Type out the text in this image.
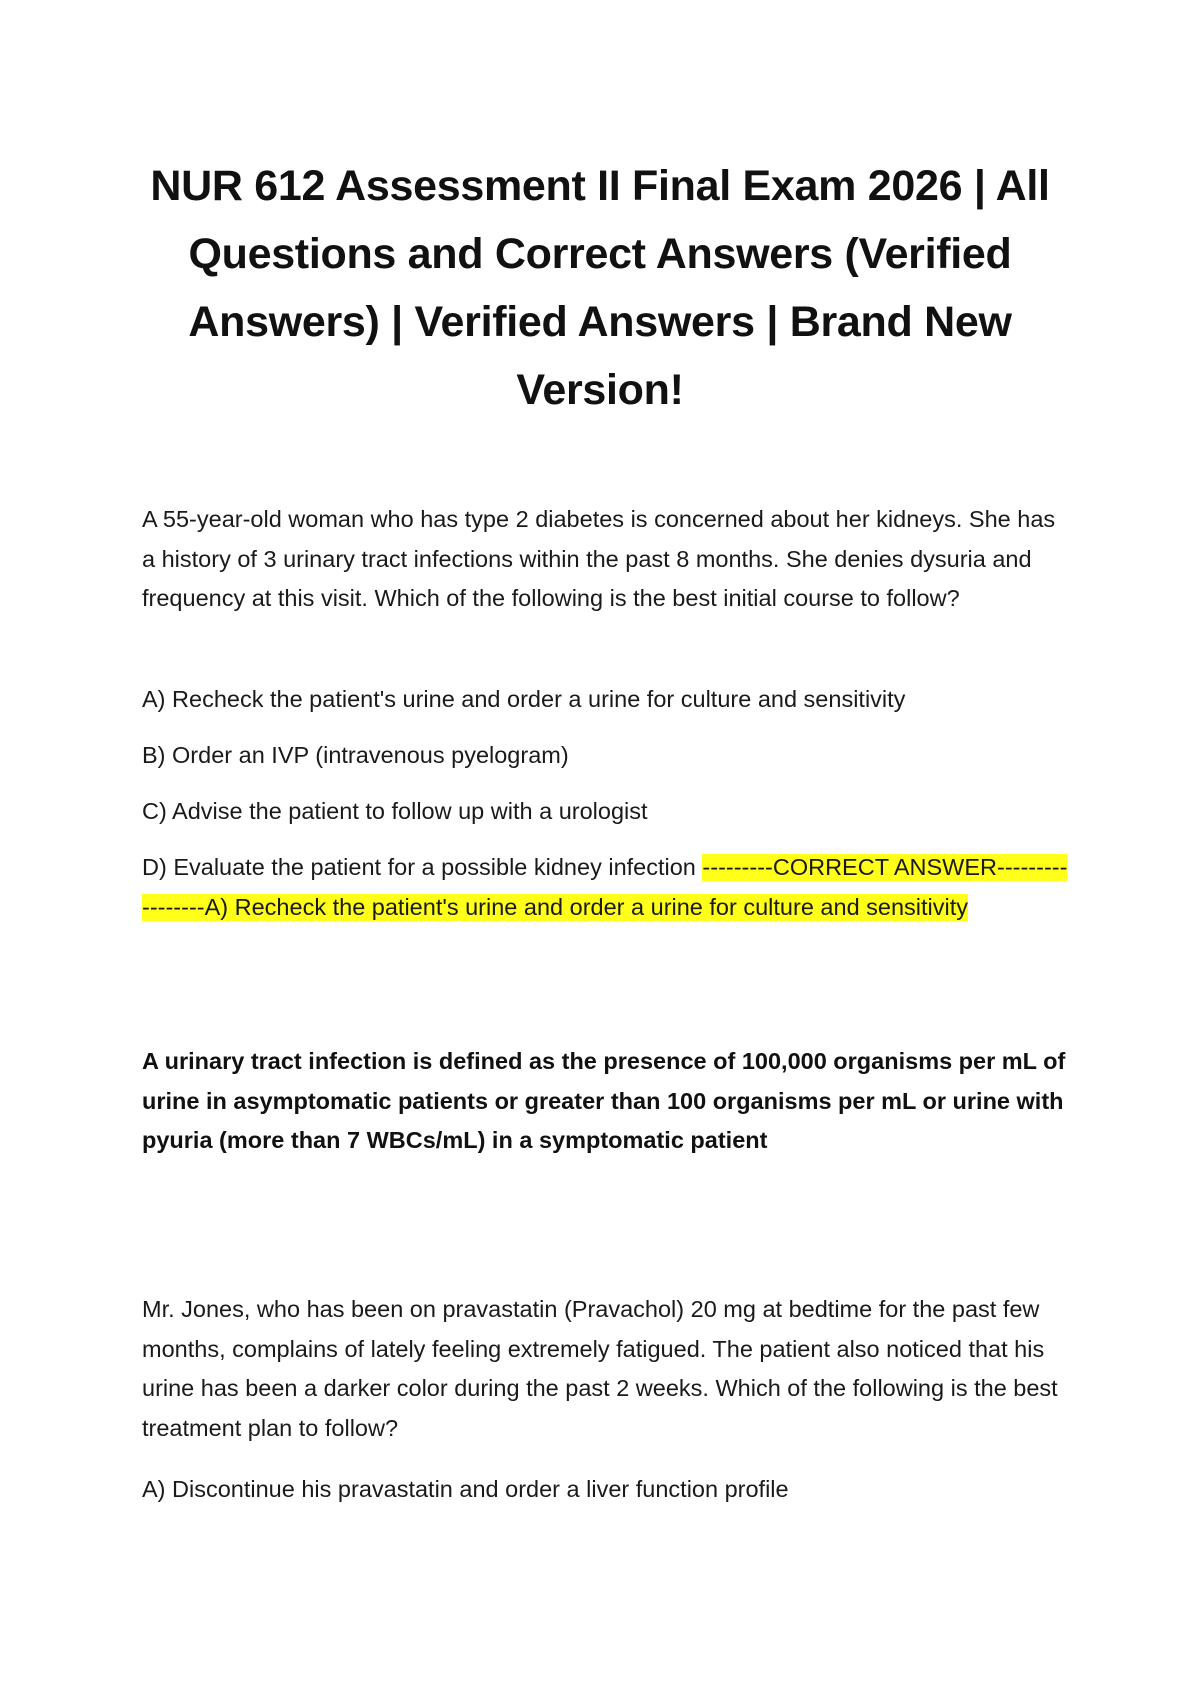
NUR 612 Assessment II Final Exam 2026 | All Questions and Correct Answers (Verified Answers) | Verified Answers | Brand New Version!

A 55-year-old woman who has type 2 diabetes is concerned about her kidneys. She has a history of 3 urinary tract infections within the past 8 months. She denies dysuria and frequency at this visit. Which of the following is the best initial course to follow?

A) Recheck the patient's urine and order a urine for culture and sensitivity

B) Order an IVP (intravenous pyelogram)

C) Advise the patient to follow up with a urologist

D) Evaluate the patient for a possible kidney infection ---------CORRECT ANSWER-----------------A) Recheck the patient's urine and order a urine for culture and sensitivity

A urinary tract infection is defined as the presence of 100,000 organisms per mL of urine in asymptomatic patients or greater than 100 organisms per mL or urine with pyuria (more than 7 WBCs/mL) in a symptomatic patient

Mr. Jones, who has been on pravastatin (Pravachol) 20 mg at bedtime for the past few months, complains of lately feeling extremely fatigued. The patient also noticed that his urine has been a darker color during the past 2 weeks. Which of the following is the best treatment plan to follow?

A) Discontinue his pravastatin and order a liver function profile
